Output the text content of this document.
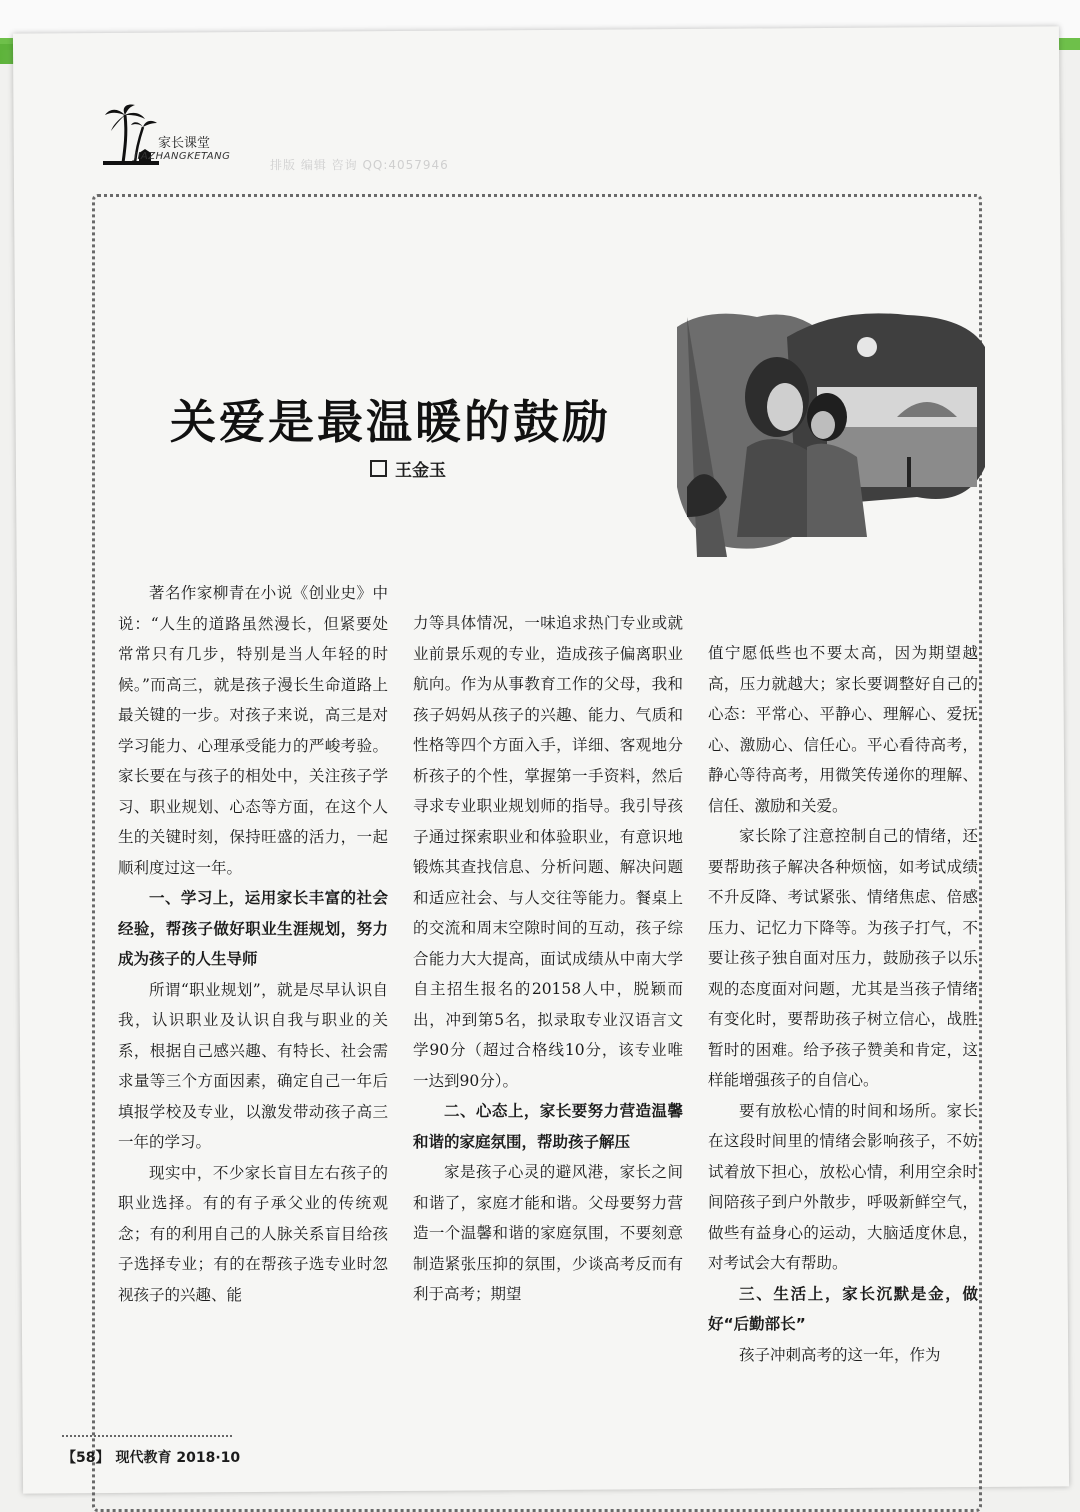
家长课堂
JIAZHANGKETANG
排版 编辑 咨询 QQ:4057946

关爱是最温暖的鼓励
王金玉

著名作家柳青在小说《创业史》中说：“人生的道路虽然漫长，但紧要处常常只有几步，特别是当人年轻的时候。”而高三，就是孩子漫长生命道路上最关键的一步。对孩子来说，高三是对学习能力、心理承受能力的严峻考验。家长要在与孩子的相处中，关注孩子学习、职业规划、心态等方面，在这个人生的关键时刻，保持旺盛的活力，一起顺利度过这一年。

一、学习上，运用家长丰富的社会经验，帮孩子做好职业生涯规划，努力成为孩子的人生导师

所谓“职业规划”，就是尽早认识自我，认识职业及认识自我与职业的关系，根据自己感兴趣、有特长、社会需求量等三个方面因素，确定自己一年后填报学校及专业，以激发带动孩子高三一年的学习。

现实中，不少家长盲目左右孩子的职业选择。有的有子承父业的传统观念；有的利用自己的人脉关系盲目给孩子选择专业；有的在帮孩子选专业时忽视孩子的兴趣、能

力等具体情况，一味追求热门专业或就业前景乐观的专业，造成孩子偏离职业航向。作为从事教育工作的父母，我和孩子妈妈从孩子的兴趣、能力、气质和性格等四个方面入手，详细、客观地分析孩子的个性，掌握第一手资料，然后寻求专业职业规划师的指导。我引导孩子通过探索职业和体验职业，有意识地锻炼其查找信息、分析问题、解决问题和适应社会、与人交往等能力。餐桌上的交流和周末空隙时间的互动，孩子综合能力大大提高，面试成绩从中南大学自主招生报名的20158人中，脱颖而出，冲到第5名，拟录取专业汉语言文学90分（超过合格线10分，该专业唯一达到90分）。

二、心态上，家长要努力营造温馨和谐的家庭氛围，帮助孩子解压

家是孩子心灵的避风港，家长之间和谐了，家庭才能和谐。父母要努力营造一个温馨和谐的家庭氛围，不要刻意制造紧张压抑的氛围，少谈高考反而有利于高考；期望

值宁愿低些也不要太高，因为期望越高，压力就越大；家长要调整好自己的心态：平常心、平静心、理解心、爱抚心、激励心、信任心。平心看待高考，静心等待高考，用微笑传递你的理解、信任、激励和关爱。

家长除了注意控制自己的情绪，还要帮助孩子解决各种烦恼，如考试成绩不升反降、考试紧张、情绪焦虑、倍感压力、记忆力下降等。为孩子打气，不要让孩子独自面对压力，鼓励孩子以乐观的态度面对问题，尤其是当孩子情绪有变化时，要帮助孩子树立信心，战胜暂时的困难。给予孩子赞美和肯定，这样能增强孩子的自信心。

要有放松心情的时间和场所。家长在这段时间里的情绪会影响孩子，不妨试着放下担心，放松心情，利用空余时间陪孩子到户外散步，呼吸新鲜空气，做些有益身心的运动，大脑适度休息，对考试会大有帮助。

三、生活上，家长沉默是金，做好“后勤部长”

孩子冲刺高考的这一年，作为

【58】 现代教育 2018·10
